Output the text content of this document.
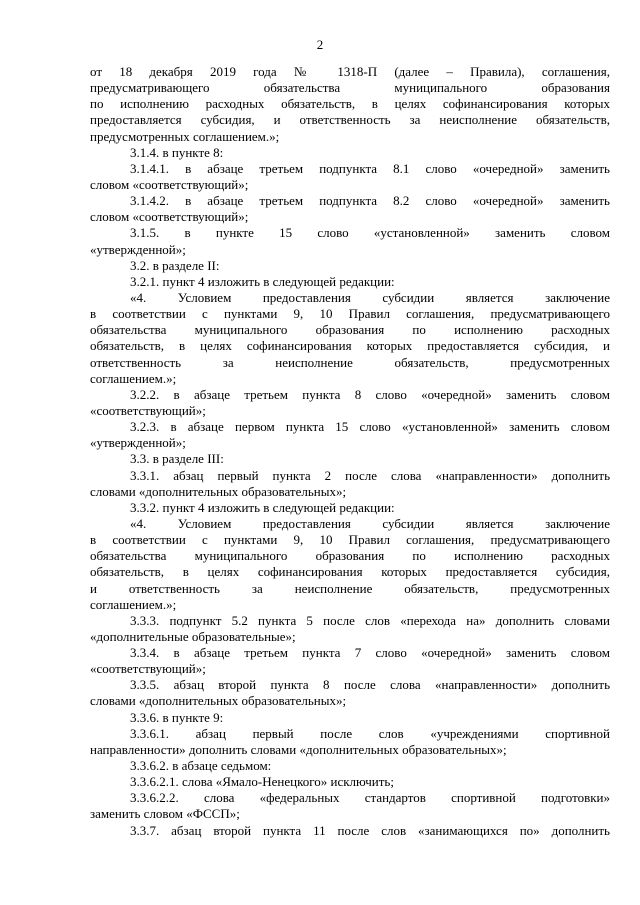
2
от 18 декабря 2019 года № 1318-П (далее – Правила), соглашения,
предусматривающего обязательства муниципального образования
по исполнению расходных обязательств, в целях софинансирования которых
предоставляется субсидия, и ответственность за неисполнение обязательств,
предусмотренных соглашением.»;
3.1.4. в пункте 8:
3.1.4.1. в абзаце третьем подпункта 8.1 слово «очередной» заменить
словом «соответствующий»;
3.1.4.2. в абзаце третьем подпункта 8.2 слово «очередной» заменить
словом «соответствующий»;
3.1.5. в пункте 15 слово «установленной» заменить словом
«утвержденной»;
3.2. в разделе II:
3.2.1. пункт 4 изложить в следующей редакции:
«4. Условием предоставления субсидии является заключение
в соответствии с пунктами 9, 10 Правил соглашения, предусматривающего
обязательства муниципального образования по исполнению расходных
обязательств, в целях софинансирования которых предоставляется субсидия, и
ответственность за неисполнение обязательств, предусмотренных
соглашением.»;
3.2.2. в абзаце третьем пункта 8 слово «очередной» заменить словом
«соответствующий»;
3.2.3. в абзаце первом пункта 15 слово «установленной» заменить словом
«утвержденной»;
3.3. в разделе III:
3.3.1. абзац первый пункта 2 после слова «направленности» дополнить
словами «дополнительных образовательных»;
3.3.2. пункт 4 изложить в следующей редакции:
«4. Условием предоставления субсидии является заключение
в соответствии с пунктами 9, 10 Правил соглашения, предусматривающего
обязательства муниципального образования по исполнению расходных
обязательств, в целях софинансирования которых предоставляется субсидия,
и ответственность за неисполнение обязательств, предусмотренных
соглашением.»;
3.3.3. подпункт 5.2 пункта 5 после слов «перехода на» дополнить словами
«дополнительные образовательные»;
3.3.4. в абзаце третьем пункта 7 слово «очередной» заменить словом
«соответствующий»;
3.3.5. абзац второй пункта 8 после слова «направленности» дополнить
словами «дополнительных образовательных»;
3.3.6. в пункте 9:
3.3.6.1. абзац первый после слов «учреждениями спортивной
направленности» дополнить словами «дополнительных образовательных»;
3.3.6.2. в абзаце седьмом:
3.3.6.2.1. слова «Ямало-Ненецкого» исключить;
3.3.6.2.2. слова «федеральных стандартов спортивной подготовки»
заменить словом «ФССП»;
3.3.7. абзац второй пункта 11 после слов «занимающихся по» дополнить
